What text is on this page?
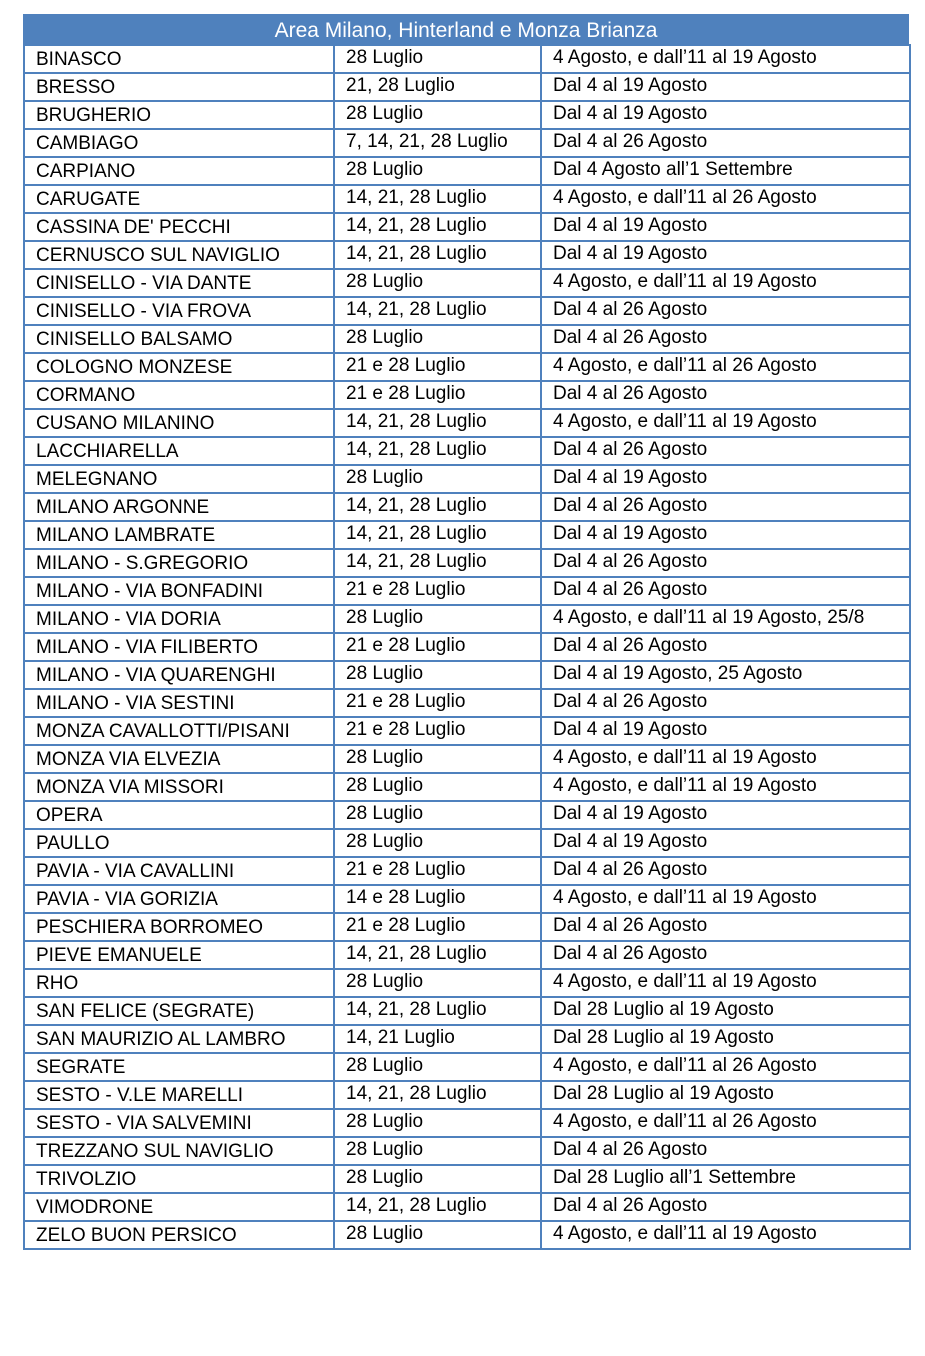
Area Milano, Hinterland e Monza Brianza
BINASCO	28 Luglio	4 Agosto, e dall’11 al 19 Agosto
BRESSO	21, 28 Luglio	Dal 4 al 19 Agosto
BRUGHERIO	28 Luglio	Dal 4 al 19 Agosto
CAMBIAGO	7, 14, 21, 28 Luglio	Dal 4 al 26 Agosto
CARPIANO	28 Luglio	Dal 4 Agosto all’1 Settembre
CARUGATE	14, 21, 28 Luglio	4 Agosto, e dall’11 al 26 Agosto
CASSINA DE' PECCHI	14, 21, 28 Luglio	Dal 4 al 19 Agosto
CERNUSCO SUL NAVIGLIO	14, 21, 28 Luglio	Dal 4 al 19 Agosto
CINISELLO - VIA DANTE	28 Luglio	4 Agosto, e dall’11 al 19 Agosto
CINISELLO - VIA FROVA	14, 21, 28 Luglio	Dal 4 al 26 Agosto
CINISELLO BALSAMO	28 Luglio	Dal 4 al 26 Agosto
COLOGNO MONZESE	21 e 28 Luglio	4 Agosto, e dall’11 al 26 Agosto
CORMANO	21 e 28 Luglio	Dal 4 al 26 Agosto
CUSANO MILANINO	14, 21, 28 Luglio	4 Agosto, e dall’11 al 19 Agosto
LACCHIARELLA	14, 21, 28 Luglio	Dal 4 al 26 Agosto
MELEGNANO	28 Luglio	Dal 4 al 19 Agosto
MILANO ARGONNE	14, 21, 28 Luglio	Dal 4 al 26 Agosto
MILANO LAMBRATE	14, 21, 28 Luglio	Dal 4 al 19 Agosto
MILANO - S.GREGORIO	14, 21, 28 Luglio	Dal 4 al 26 Agosto
MILANO - VIA BONFADINI	21 e 28 Luglio	Dal 4 al 26 Agosto
MILANO - VIA DORIA	28 Luglio	4 Agosto, e dall’11 al 19 Agosto, 25/8
MILANO - VIA FILIBERTO	21 e 28 Luglio	Dal 4 al 26 Agosto
MILANO - VIA QUARENGHI	28 Luglio	Dal 4 al 19 Agosto, 25 Agosto
MILANO - VIA SESTINI	21 e 28 Luglio	Dal 4 al 26 Agosto
MONZA CAVALLOTTI/PISANI	21 e 28 Luglio	Dal 4 al 19 Agosto
MONZA VIA ELVEZIA	28 Luglio	4 Agosto, e dall’11 al 19 Agosto
MONZA VIA MISSORI	28 Luglio	4 Agosto, e dall’11 al 19 Agosto
OPERA	28 Luglio	Dal 4 al 19 Agosto
PAULLO	28 Luglio	Dal 4 al 19 Agosto
PAVIA - VIA CAVALLINI	21 e 28 Luglio	Dal 4 al 26 Agosto
PAVIA - VIA GORIZIA	14 e 28 Luglio	4 Agosto, e dall’11 al 19 Agosto
PESCHIERA BORROMEO	21 e 28 Luglio	Dal 4 al 26 Agosto
PIEVE EMANUELE	14, 21, 28 Luglio	Dal 4 al 26 Agosto
RHO	28 Luglio	4 Agosto, e dall’11 al 19 Agosto
SAN FELICE (SEGRATE)	14, 21, 28 Luglio	Dal 28 Luglio al 19 Agosto
SAN MAURIZIO AL LAMBRO	14, 21 Luglio	Dal 28 Luglio al 19 Agosto
SEGRATE	28 Luglio	4 Agosto, e dall’11 al 26 Agosto
SESTO - V.LE MARELLI	14, 21, 28 Luglio	Dal 28 Luglio al 19 Agosto
SESTO - VIA SALVEMINI	28 Luglio	4 Agosto, e dall’11 al 26 Agosto
TREZZANO SUL NAVIGLIO	28 Luglio	Dal 4 al 26 Agosto
TRIVOLZIO	28 Luglio	Dal 28 Luglio all’1 Settembre
VIMODRONE	14, 21, 28 Luglio	Dal 4 al 26 Agosto
ZELO BUON PERSICO	28 Luglio	4 Agosto, e dall’11 al 19 Agosto
